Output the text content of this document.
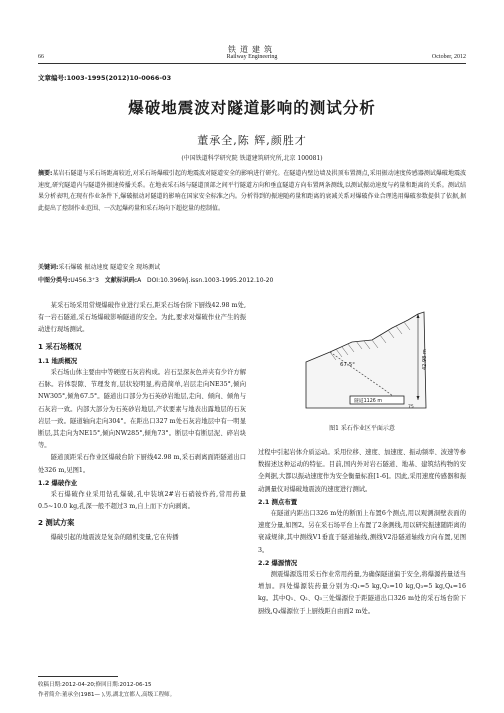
铁道建筑
66	Railway Engineering	October, 2012
文章编号:1003-1995(2012)10-0066-03
爆破地震波对隧道影响的测试分析
董承全,陈 辉,颜胜才
(中国铁道科学研究院 铁道建筑研究所,北京 100081)
摘要:某岩石隧道与采石场距离较近,对采石场爆破引起的地震波对隧道安全的影响进行研究。在隧道内壁边墙及拱顶布置测点,采用振动速度传感器测试爆破地震波速度,研究隧道内与隧道外振速传播关系。在地表采石场与隧道顶部之间平行隧道方向和垂直隧道方向布置两条测线,以测试振动速度与药量和距离的关系。测试结果分析表明,在现有作业条件下,爆破振动对隧道的影响在国家安全标准之内。分析得到的振速随药量和距离的衰减关系对爆破作业合理选用爆破参数提供了依据,据此提出了控制作业范围、一次起爆药量和采石场向下超挖量的控制值。
关键词:采石爆破 振动速度 隧道安全 现场测试
中图分类号:U456.3⁺3 文献标识码:A DOI:10.3969/j.issn.1003-1995.2012.10-20

某采石场采用常规爆破作业进行采石,距采石场台阶下厨线42.98 m处,有一岩石隧道,采石场爆破影响隧道的安全。为此,要求对爆破作业产生的振动进行现场测试。

1 采石场概况
1.1 地质概况

采石场山体主要由中等硬度石灰岩构成。岩石呈深灰色并夹有少许方解石脉。岩体裂隙、节理发育,层状较明显,构造简单,岩层走向NE35°,倾向NW305°,倾角67.5°。隧道出口部分为石英砂岩地层,走向、倾向、倾角与石灰岩一致。内部大部分为石英砂岩地层,产状要素与地表出露地层的石灰岩层一致。隧道轴向走向304°。在距出口327 m处石灰岩地层中有一明显断层,其走向为NE15°,倾向NW285°,倾角73°。断层中有断层泥、碎岩块等。

隧道顶距采石作业区爆破台阶下厨线42.98 m,采石剥离面距隧道出口处326 m,见图1。

1.2 爆破作业

采石爆破作业采用钻孔爆破,孔中装填2#岩石硝铵炸药,常用药量0.5~10.0 kg,孔深一般不超过3 m,自上而下方向剥离。

2 测试方案

爆破引起的地震波是复杂的随机变量,它在传播

隧道1126 m
67.5°	42.98 m
75
图1 采石作业区平面示意

过程中引起岩体介质运动。采用位移、速度、加速度、振动频率、波速等参数描述这种运动的特征。目前,国内外对岩石隧道、地基、建筑结构物的安全判据,大都以振动速度作为安全衡量标准[1-6]。因此,采用速度传感器和振动测量仪对爆破地震波的速度进行测试。

2.1 测点布置

在隧道内距出口326 m处的断面上布置6个测点,用以观测洞壁表面的速度分量,如图2。另在采石场平台上布置了2条测线,用以研究振速随距离的衰减规律,其中测线V1垂直于隧道轴线,测线V2沿隧道轴线方向布置,见图3。

2.2 爆源情况

测震爆源选用采石作业常用药量,为确保隧道偏于安全,将爆源药量适当增加。四处爆源装药量分别为:Q₁=5 kg,Q₂=10 kg,Q₃=5 kg,Q₄=16 kg。其中Q₁、Q₂、Q₃三处爆源位于距隧道出口326 m处的采石场台阶下厨线,Q₄爆源位于上厨线距自由面2 m处。

收稿日期:2012-04-20;修回日期:2012-06-15
作者简介:董承全(1981— ),男,湖北宜都人,高级工程师。
